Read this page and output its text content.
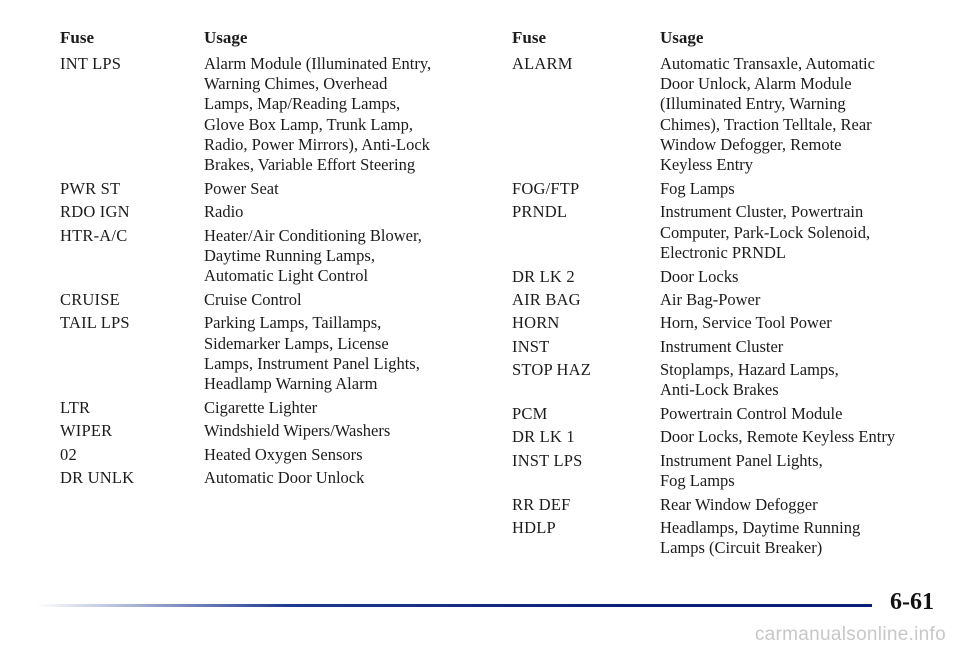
Fuse	Usage
INT LPS	Alarm Module (Illuminated Entry,
Warning Chimes, Overhead
Lamps, Map/Reading Lamps,
Glove Box Lamp, Trunk Lamp,
Radio, Power Mirrors), Anti-Lock
Brakes, Variable Effort Steering
PWR ST	Power Seat
RDO IGN	Radio
HTR-A/C	Heater/Air Conditioning Blower,
Daytime Running Lamps,
Automatic Light Control
CRUISE	Cruise Control
TAIL LPS	Parking Lamps, Taillamps,
Sidemarker Lamps, License
Lamps, Instrument Panel Lights,
Headlamp Warning Alarm
LTR	Cigarette Lighter
WIPER	Windshield Wipers/Washers
02	Heated Oxygen Sensors
DR UNLK	Automatic Door Unlock
Fuse	Usage
ALARM	Automatic Transaxle, Automatic
Door Unlock, Alarm Module
(Illuminated Entry, Warning
Chimes), Traction Telltale, Rear
Window Defogger, Remote
Keyless Entry
FOG/FTP	Fog Lamps
PRNDL	Instrument Cluster, Powertrain
Computer, Park-Lock Solenoid,
Electronic PRNDL
DR LK 2	Door Locks
AIR BAG	Air Bag-Power
HORN	Horn, Service Tool Power
INST	Instrument Cluster
STOP HAZ	Stoplamps, Hazard Lamps,
Anti-Lock Brakes
PCM	Powertrain Control Module
DR LK 1	Door Locks, Remote Keyless Entry
INST LPS	Instrument Panel Lights,
Fog Lamps
RR DEF	Rear Window Defogger
HDLP	Headlamps, Daytime Running
Lamps (Circuit Breaker)
6-61
carmanualsonline.info
